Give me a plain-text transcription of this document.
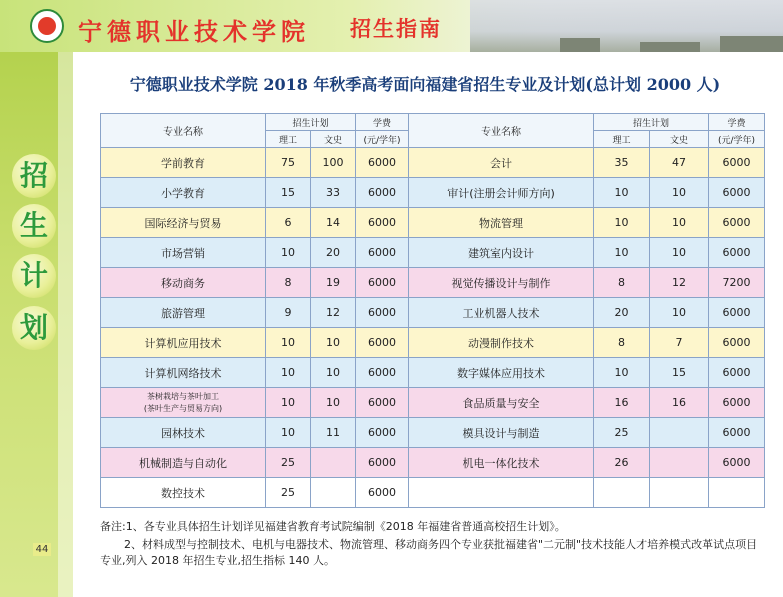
宁德职业技术学院 招生指南
招
生
计
划
宁德职业技术学院 2018 年秋季高考面向福建省招生专业及计划(总计划 2000 人)
专业名称	招生计划		学费	专业名称	招生计划		学费
	理工	文史	(元/学年)		理工	文史	(元/学年)
学前教育	75	100	6000	会计	35	47	6000
小学教育	15	33	6000	审计(注册会计师方向)	10	10	6000
国际经济与贸易	6	14	6000	物流管理	10	10	6000
市场营销	10	20	6000	建筑室内设计	10	10	6000
移动商务	8	19	6000	视觉传播设计与制作	8	12	7200
旅游管理	9	12	6000	工业机器人技术	20	10	6000
计算机应用技术	10	10	6000	动漫制作技术	8	7	6000
计算机网络技术	10	10	6000	数字媒体应用技术	10	15	6000

茶树栽培与茶叶加工
(茶叶生产与贸易方向)	10	10	6000	食品质量与安全	16	16	6000
园林技术	10	11	6000	模具设计与制造	25		6000
机械制造与自动化	25		6000	机电一体化技术	26		6000
数控技术	25		6000				
备注:1、各专业具体招生计划详见福建省教育考试院编制《2018 年福建省普通高校招生计划》。
2、材料成型与控制技术、电机与电器技术、物流管理、移动商务四个专业获批福建省"二元制"技术技能人才培养模式改革试点项目专业,列入 2018 年招生专业,招生指标 140 人。
44
